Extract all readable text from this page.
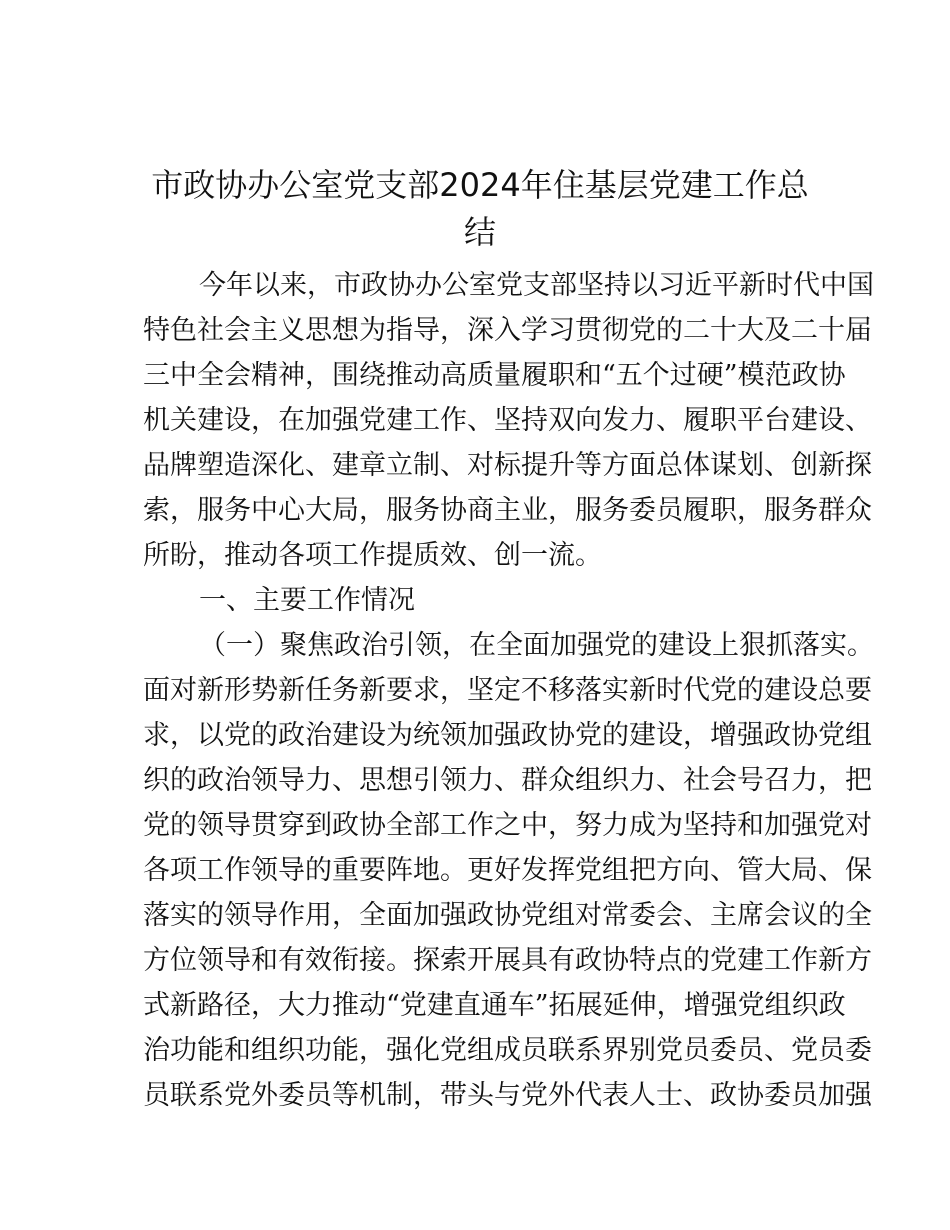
市政协办公室党支部2024年住基层党建工作总
结
今年以来，市政协办公室党支部坚持以习近平新时代中国
特色社会主义思想为指导，深入学习贯彻党的二十大及二十届
三中全会精神，围绕推动高质量履职和“五个过硬”模范政协
机关建设，在加强党建工作、坚持双向发力、履职平台建设、
品牌塑造深化、建章立制、对标提升等方面总体谋划、创新探
索，服务中心大局，服务协商主业，服务委员履职，服务群众
所盼，推动各项工作提质效、创一流。
一、主要工作情况
（一）聚焦政治引领，在全面加强党的建设上狠抓落实。
面对新形势新任务新要求，坚定不移落实新时代党的建设总要
求，以党的政治建设为统领加强政协党的建设，增强政协党组
织的政治领导力、思想引领力、群众组织力、社会号召力，把
党的领导贯穿到政协全部工作之中，努力成为坚持和加强党对
各项工作领导的重要阵地。更好发挥党组把方向、管大局、保
落实的领导作用，全面加强政协党组对常委会、主席会议的全
方位领导和有效衔接。探索开展具有政协特点的党建工作新方
式新路径，大力推动“党建直通车”拓展延伸，增强党组织政
治功能和组织功能，强化党组成员联系界别党员委员、党员委
员联系党外委员等机制，带头与党外代表人士、政协委员加强
